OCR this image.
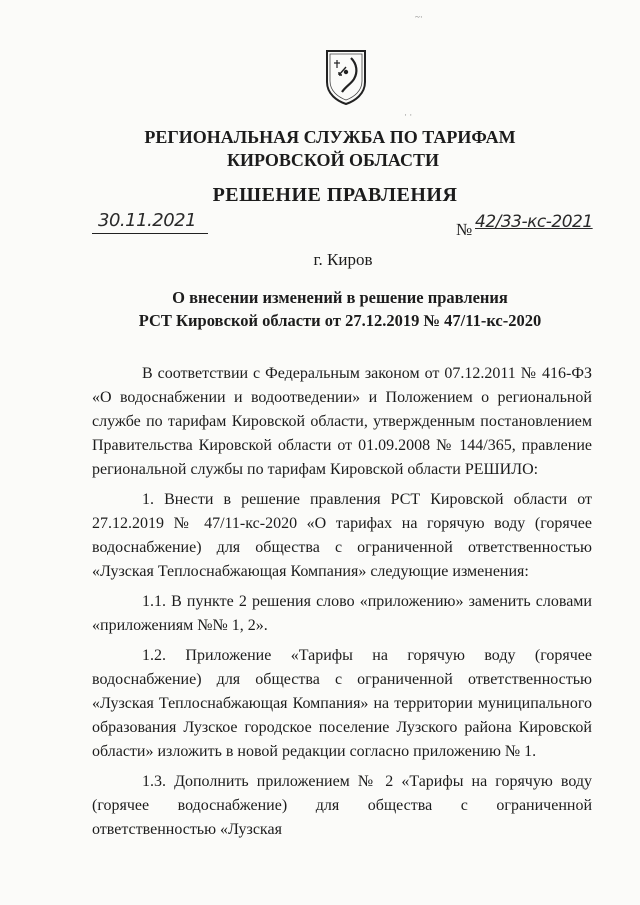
РЕГИОНАЛЬНАЯ СЛУЖБА ПО ТАРИФАМ
КИРОВСКОЙ ОБЛАСТИ
РЕШЕНИЕ ПРАВЛЕНИЯ
30.11.2021	№ 42/33-кс-2021
г. Киров
О внесении изменений в решение правления
РСТ Кировской области от 27.12.2019 № 47/11-кс-2020

В соответствии с Федеральным законом от 07.12.2011 № 416-ФЗ «О водоснабжении и водоотведении» и Положением о региональной службе по тарифам Кировской области, утвержденным постановлением Правительства Кировской области от 01.09.2008 № 144/365, правление региональной службы по тарифам Кировской области РЕШИЛО:

1. Внести в решение правления РСТ Кировской области от 27.12.2019 № 47/11-кс-2020 «О тарифах на горячую воду (горячее водоснабжение) для общества с ограниченной ответственностью «Лузская Теплоснабжающая Компания» следующие изменения:

1.1. В пункте 2 решения слово «приложению» заменить словами «приложениям №№ 1, 2».

1.2. Приложение «Тарифы на горячую воду (горячее водоснабжение) для общества с ограниченной ответственностью «Лузская Теплоснабжающая Компания» на территории муниципального образования Лузское городское поселение Лузского района Кировской области» изложить в новой редакции согласно приложению № 1.

1.3. Дополнить приложением № 2 «Тарифы на горячую воду (горячее водоснабжение) для общества с ограниченной ответственностью «Лузская

~·
· ·
